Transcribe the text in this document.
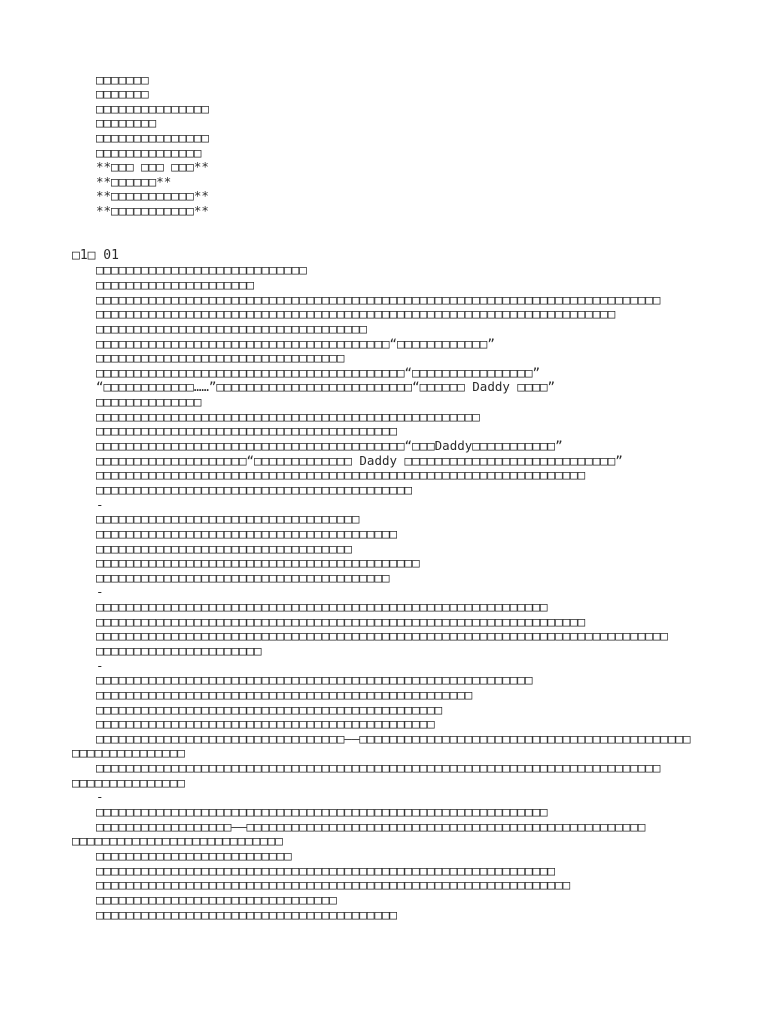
□□□□□□□
□□□□□□□
□□□□□□□□□□□□□□□
□□□□□□□□
□□□□□□□□□□□□□□□
□□□□□□□□□□□□□□
**□□□ □□□ □□□**
**□□□□□□**
**□□□□□□□□□□□**
**□□□□□□□□□□□**
□1□ 01
□□□□□□□□□□□□□□□□□□□□□□□□□□□□
□□□□□□□□□□□□□□□□□□□□□
□□□□□□□□□□□□□□□□□□□□□□□□□□□□□□□□□□□□□□□□□□□□□□□□□□□□□□□□□□□□□□□□□□□□□□□□□□□
□□□□□□□□□□□□□□□□□□□□□□□□□□□□□□□□□□□□□□□□□□□□□□□□□□□□□□□□□□□□□□□□□□□□□
□□□□□□□□□□□□□□□□□□□□□□□□□□□□□□□□□□□□
□□□□□□□□□□□□□□□□□□□□□□□□□□□□□□□□□□□□□□□“□□□□□□□□□□□□”
□□□□□□□□□□□□□□□□□□□□□□□□□□□□□□□□□
□□□□□□□□□□□□□□□□□□□□□□□□□□□□□□□□□□□□□□□□□“□□□□□□□□□□□□□□□□”
“□□□□□□□□□□□□……”□□□□□□□□□□□□□□□□□□□□□□□□□□“□□□□□□ Daddy □□□□”
□□□□□□□□□□□□□□
□□□□□□□□□□□□□□□□□□□□□□□□□□□□□□□□□□□□□□□□□□□□□□□□□□□
□□□□□□□□□□□□□□□□□□□□□□□□□□□□□□□□□□□□□□□□
□□□□□□□□□□□□□□□□□□□□□□□□□□□□□□□□□□□□□□□□□“□□□Daddy□□□□□□□□□□□”
□□□□□□□□□□□□□□□□□□□□“□□□□□□□□□□□□□ Daddy □□□□□□□□□□□□□□□□□□□□□□□□□□□□”
□□□□□□□□□□□□□□□□□□□□□□□□□□□□□□□□□□□□□□□□□□□□□□□□□□□□□□□□□□□□□□□□□
□□□□□□□□□□□□□□□□□□□□□□□□□□□□□□□□□□□□□□□□□□
-
□□□□□□□□□□□□□□□□□□□□□□□□□□□□□□□□□□□
□□□□□□□□□□□□□□□□□□□□□□□□□□□□□□□□□□□□□□□□
□□□□□□□□□□□□□□□□□□□□□□□□□□□□□□□□□□
□□□□□□□□□□□□□□□□□□□□□□□□□□□□□□□□□□□□□□□□□□□
□□□□□□□□□□□□□□□□□□□□□□□□□□□□□□□□□□□□□□□
-
□□□□□□□□□□□□□□□□□□□□□□□□□□□□□□□□□□□□□□□□□□□□□□□□□□□□□□□□□□□□
□□□□□□□□□□□□□□□□□□□□□□□□□□□□□□□□□□□□□□□□□□□□□□□□□□□□□□□□□□□□□□□□□
□□□□□□□□□□□□□□□□□□□□□□□□□□□□□□□□□□□□□□□□□□□□□□□□□□□□□□□□□□□□□□□□□□□□□□□□□□□□
□□□□□□□□□□□□□□□□□□□□□□
-
□□□□□□□□□□□□□□□□□□□□□□□□□□□□□□□□□□□□□□□□□□□□□□□□□□□□□□□□□□
□□□□□□□□□□□□□□□□□□□□□□□□□□□□□□□□□□□□□□□□□□□□□□□□□□
□□□□□□□□□□□□□□□□□□□□□□□□□□□□□□□□□□□□□□□□□□□□□□
□□□□□□□□□□□□□□□□□□□□□□□□□□□□□□□□□□□□□□□□□□□□□
□□□□□□□□□□□□□□□□□□□□□□□□□□□□□□□□□——□□□□□□□□□□□□□□□□□□□□□□□□□□□□□□□□□□□□□□□□□□□□
□□□□□□□□□□□□□□□
□□□□□□□□□□□□□□□□□□□□□□□□□□□□□□□□□□□□□□□□□□□□□□□□□□□□□□□□□□□□□□□□□□□□□□□□□□□
□□□□□□□□□□□□□□□
-
□□□□□□□□□□□□□□□□□□□□□□□□□□□□□□□□□□□□□□□□□□□□□□□□□□□□□□□□□□□□
□□□□□□□□□□□□□□□□□□——□□□□□□□□□□□□□□□□□□□□□□□□□□□□□□□□□□□□□□□□□□□□□□□□□□□□□
□□□□□□□□□□□□□□□□□□□□□□□□□□□□
□□□□□□□□□□□□□□□□□□□□□□□□□□
□□□□□□□□□□□□□□□□□□□□□□□□□□□□□□□□□□□□□□□□□□□□□□□□□□□□□□□□□□□□□
□□□□□□□□□□□□□□□□□□□□□□□□□□□□□□□□□□□□□□□□□□□□□□□□□□□□□□□□□□□□□□□
□□□□□□□□□□□□□□□□□□□□□□□□□□□□□□□□
□□□□□□□□□□□□□□□□□□□□□□□□□□□□□□□□□□□□□□□□
